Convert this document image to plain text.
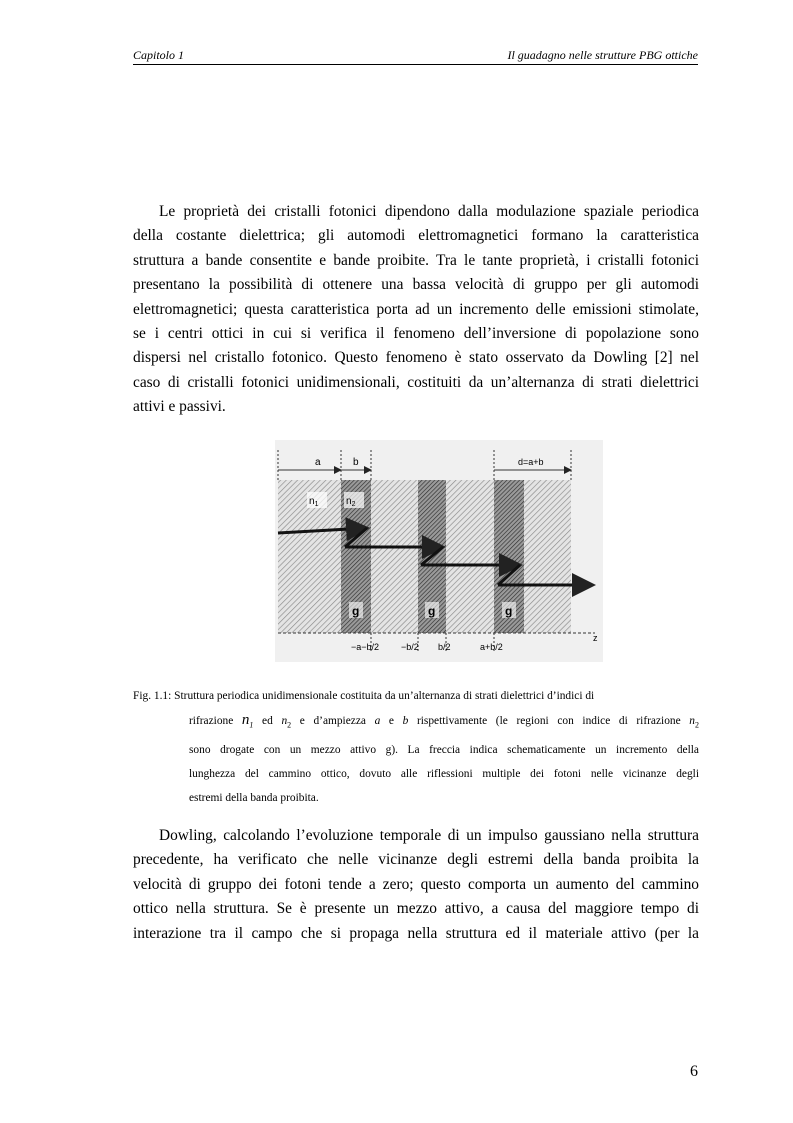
Capitolo 1	Il guadagno nelle strutture PBG ottiche
Le proprietà dei cristalli fotonici dipendono dalla modulazione spaziale periodica
della costante dielettrica; gli automodi elettromagnetici formano la caratteristica
struttura a bande consentite e bande proibite. Tra le tante proprietà, i cristalli fotonici
presentano la possibilità di ottenere una bassa velocità di gruppo per gli automodi
elettromagnetici; questa caratteristica porta ad un incremento delle emissioni stimolate,
se i centri ottici in cui si verifica il fenomeno dell’inversione di popolazione sono
dispersi nel cristallo fotonico. Questo fenomeno è stato osservato da Dowling [2] nel
caso di cristalli fotonici unidimensionali, costituiti da un’alternanza di strati dielettrici
attivi e passivi.
a	b	d=a+b
$n_1$	$n_2$
g	g	g
z
−a−b/2 −b/2 b/2	a+b/2
Fig. 1.1: Struttura periodica unidimensionale costituita da un’alternanza di strati dielettrici d’indici di
rifrazione $n_1$ ed $n_2$ e d’ampiezza a e b rispettivamente (le regioni con indice di rifrazione $n_2$
sono drogate con un mezzo attivo g). La freccia indica schematicamente un incremento della
lunghezza del cammino ottico, dovuto alle riflessioni multiple dei fotoni nelle vicinanze degli
estremi della banda proibita.
Dowling, calcolando l’evoluzione temporale di un impulso gaussiano nella struttura
precedente, ha verificato che nelle vicinanze degli estremi della banda proibita la
velocità di gruppo dei fotoni tende a zero; questo comporta un aumento del cammino
ottico nella struttura. Se è presente un mezzo attivo, a causa del maggiore tempo di
interazione tra il campo che si propaga nella struttura ed il materiale attivo (per la
6
